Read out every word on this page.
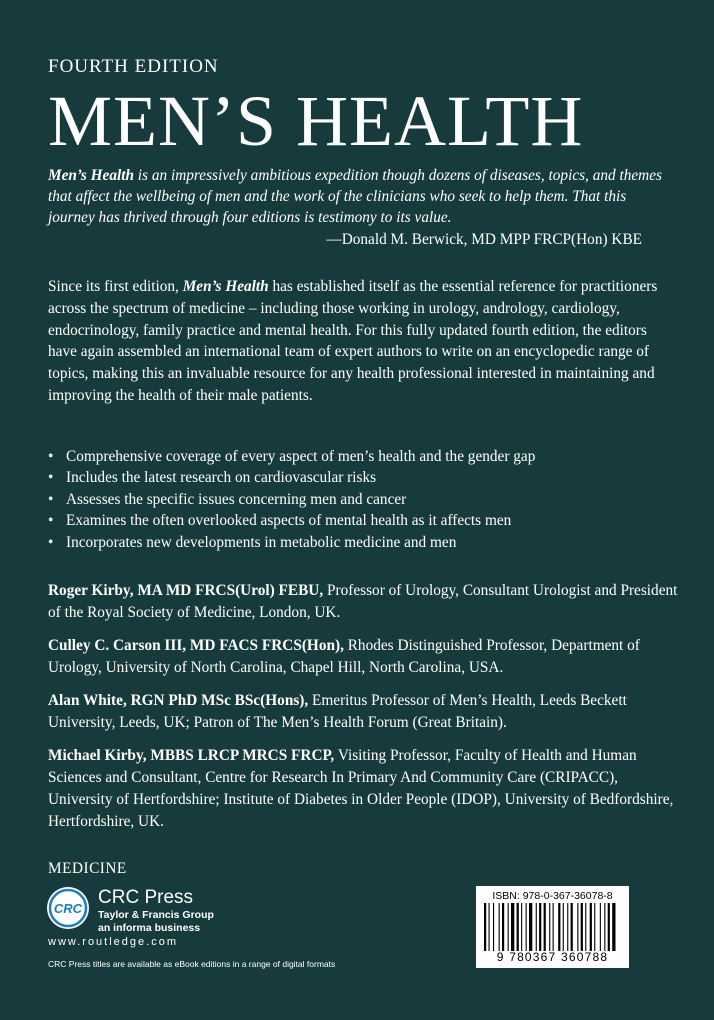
FOURTH EDITION
MEN’S HEALTH
Men’s Health is an impressively ambitious expedition though dozens of diseases, topics, and themes that affect the wellbeing of men and the work of the clinicians who seek to help them. That this journey has thrived through four editions is testimony to its value.
—Donald M. Berwick, MD MPP FRCP(Hon) KBE
Since its first edition, Men’s Health has established itself as the essential reference for practitioners across the spectrum of medicine – including those working in urology, andrology, cardiology, endocrinology, family practice and mental health. For this fully updated fourth edition, the editors have again assembled an international team of expert authors to write on an encyclopedic range of topics, making this an invaluable resource for any health professional interested in maintaining and improving the health of their male patients.
• Comprehensive coverage of every aspect of men’s health and the gender gap
• Includes the latest research on cardiovascular risks
• Assesses the specific issues concerning men and cancer
• Examines the often overlooked aspects of mental health as it affects men
• Incorporates new developments in metabolic medicine and men
Roger Kirby, MA MD FRCS(Urol) FEBU, Professor of Urology, Consultant Urologist and President of the Royal Society of Medicine, London, UK.
Culley C. Carson III, MD FACS FRCS(Hon), Rhodes Distinguished Professor, Department of Urology, University of North Carolina, Chapel Hill, North Carolina, USA.
Alan White, RGN PhD MSc BSc(Hons), Emeritus Professor of Men’s Health, Leeds Beckett University, Leeds, UK; Patron of The Men’s Health Forum (Great Britain).
Michael Kirby, MBBS LRCP MRCS FRCP, Visiting Professor, Faculty of Health and Human Sciences and Consultant, Centre for Research In Primary And Community Care (CRIPACC), University of Hertfordshire; Institute of Diabetes in Older People (IDOP), University of Bedfordshire, Hertfordshire, UK.
MEDICINE
CRC
CRC Press
Taylor & Francis Group
an informa business
www.routledge.com
CRC Press titles are available as eBook editions in a range of digital formats
ISBN: 978-0-367-36078-8
9 780367 360788
